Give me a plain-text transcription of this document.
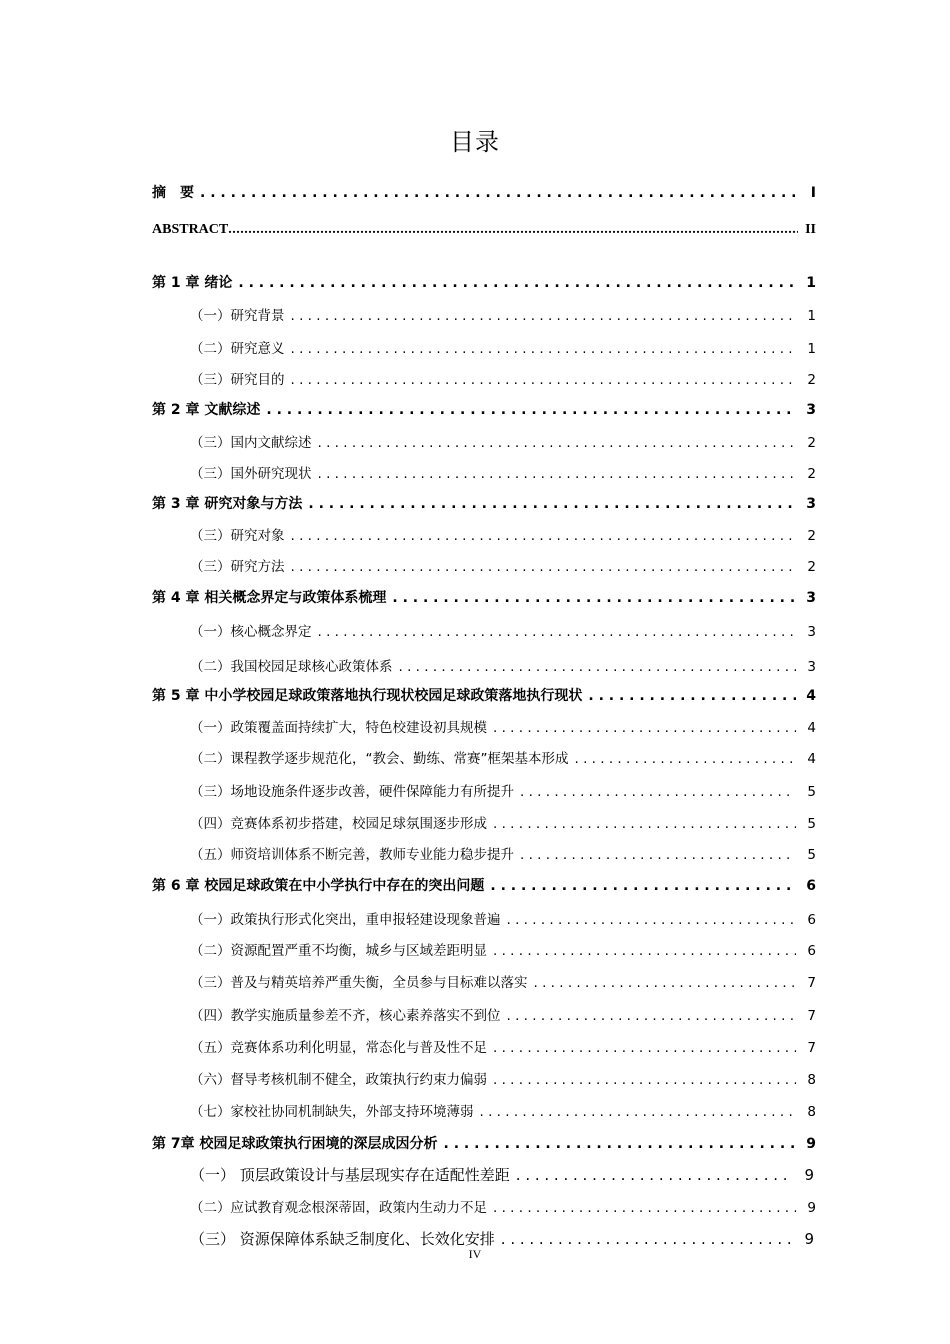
目录
摘　要 . . .	I
ABSTRACT . . .	II
第 1 章 绪论 . . .	1
（一）研究背景 . . .	1
（二）研究意义 . . .	1
（三）研究目的 . . .	2
第 2 章 文献综述 . . .	3
（三）国内文献综述 . . .	2
（三）国外研究现状 . . .	2
第 3 章 研究对象与方法 . . .	3
（三）研究对象 . . .	2
（三）研究方法 . . .	2
第 4 章 相关概念界定与政策体系梳理 . . .	3
（一）核心概念界定 . . .	3
（二）我国校园足球核心政策体系 . . .	3
第 5 章 中小学校园足球政策落地执行现状校园足球政策落地执行现状 . . .	4
（一）政策覆盖面持续扩大，特色校建设初具规模 . . .	4
（二）课程教学逐步规范化，“教会、勤练、常赛”框架基本形成 . . .	4
（三）场地设施条件逐步改善，硬件保障能力有所提升 . . .	5
（四）竞赛体系初步搭建，校园足球氛围逐步形成 . . .	5
（五）师资培训体系不断完善，教师专业能力稳步提升 . . .	5
第 6 章 校园足球政策在中小学执行中存在的突出问题 . . .	6
（一）政策执行形式化突出，重申报轻建设现象普遍 . . .	6
（二）资源配置严重不均衡，城乡与区域差距明显 . . .	6
（三）普及与精英培养严重失衡，全员参与目标难以落实 . . .	7
（四）教学实施质量参差不齐，核心素养落实不到位 . . .	7
（五）竞赛体系功利化明显，常态化与普及性不足 . . .	7
（六）督导考核机制不健全，政策执行约束力偏弱 . . .	8
（七）家校社协同机制缺失，外部支持环境薄弱 . . .	8
第 7章 校园足球政策执行困境的深层成因分析 . . .	9
（一） 顶层政策设计与基层现实存在适配性差距 . . .	9
（二）应试教育观念根深蒂固，政策内生动力不足 . . .	9
（三） 资源保障体系缺乏制度化、长效化安排 . . .	9
IV
